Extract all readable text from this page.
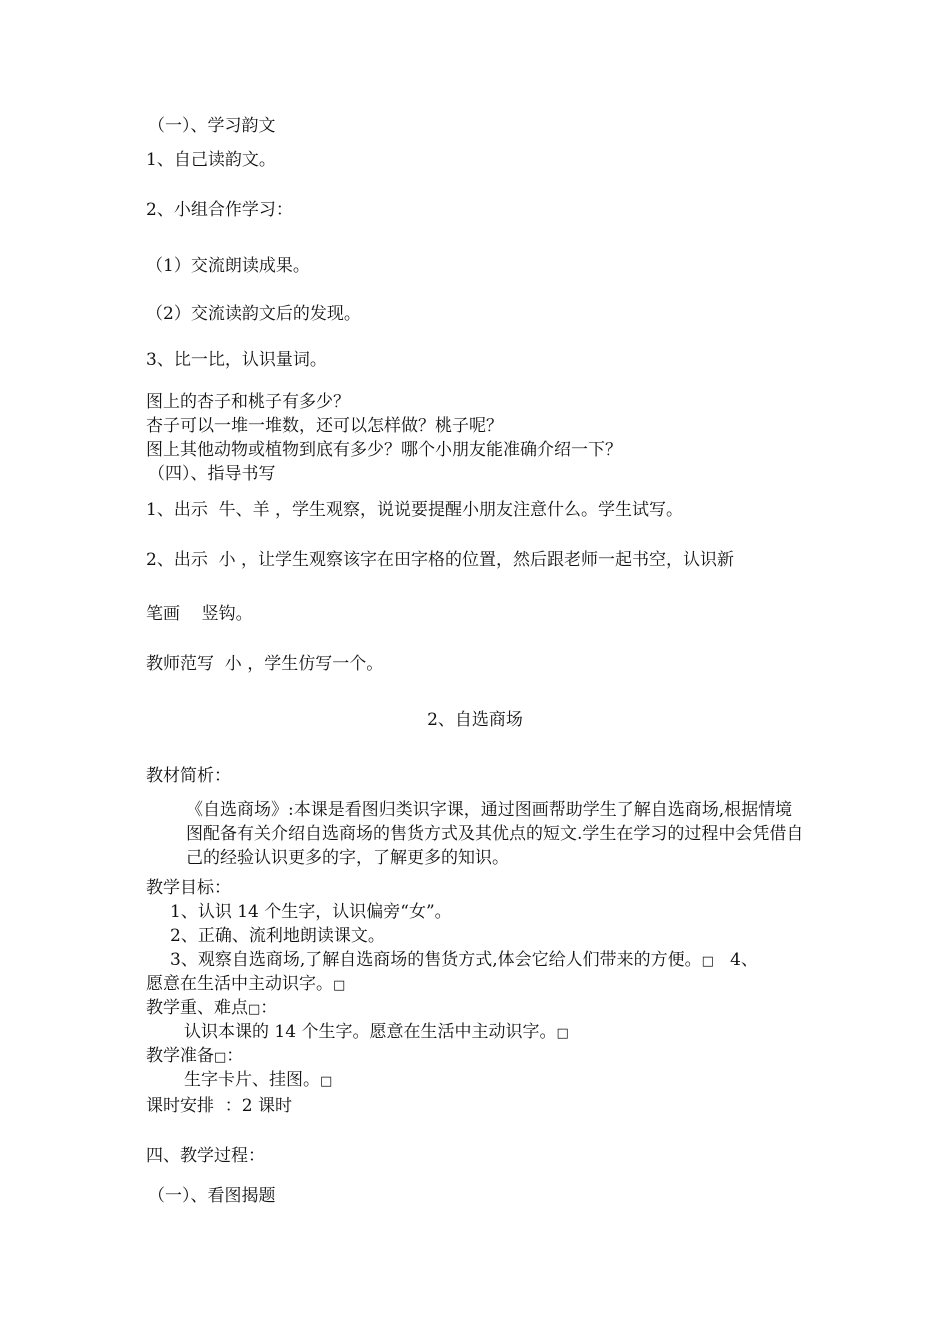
（一）、学习韵文
1、自己读韵文。
2、小组合作学习：
（1）交流朗读成果。
（2）交流读韵文后的发现。
3、比一比，认识量词。
图上的杏子和桃子有多少？
杏子可以一堆一堆数，还可以怎样做？桃子呢？
图上其他动物或植物到底有多少？哪个小朋友能准确介绍一下？
（四）、指导书写
1、出示  牛、羊 ，学生观察，说说要提醒小朋友注意什么。学生试写。
2、出示  小 ，让学生观察该字在田字格的位置，然后跟老师一起书空，认识新
笔画    竖钩。
教师范写  小 ，学生仿写一个。
2、自选商场
教材简析：
《自选商场》:本课是看图归类识字课，通过图画帮助学生了解自选商场,根据情境图配备有关介绍自选商场的售货方式及其优点的短文.学生在学习的过程中会凭借自己的经验认识更多的字，了解更多的知识。
教学目标：
1、认识 14 个生字，认识偏旁“女”。
2、正确、流利地朗读课文。
3、观察自选商场,了解自选商场的售货方式,体会它给人们带来的方便。□   4、
愿意在生活中主动识字。□
教学重、难点□：
认识本课的 14 个生字。愿意在生活中主动识字。□
教学准备□：
生字卡片、挂图。□
课时安排  ：2 课时
四、教学过程：
（一）、看图揭题
